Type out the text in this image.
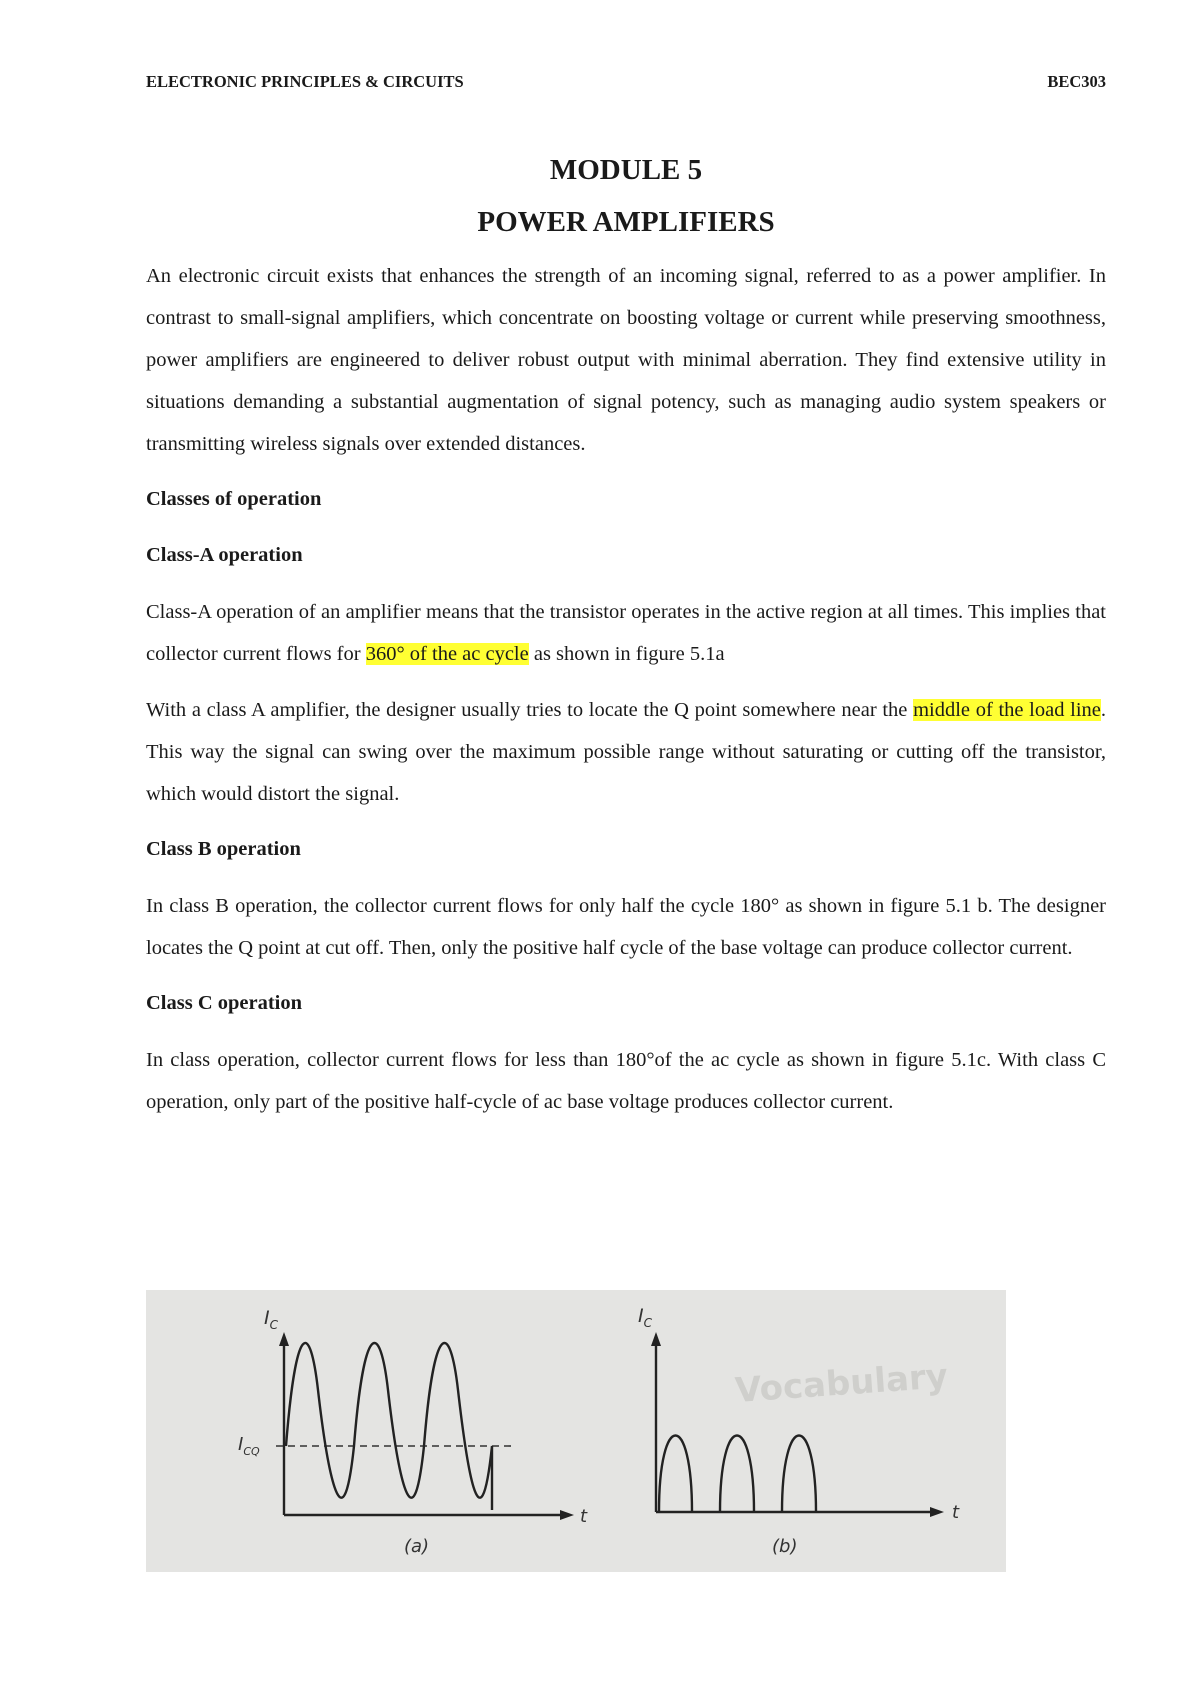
ELECTRONIC PRINCIPLES & CIRCUITS	BEC303
MODULE 5
POWER AMPLIFIERS

An electronic circuit exists that enhances the strength of an incoming signal, referred to as a power amplifier. In contrast to small-signal amplifiers, which concentrate on boosting voltage or current while preserving smoothness, power amplifiers are engineered to deliver robust output with minimal aberration. They find extensive utility in situations demanding a substantial augmentation of signal potency, such as managing audio system speakers or transmitting wireless signals over extended distances.

Classes of operation

Class-A operation

Class-A operation of an amplifier means that the transistor operates in the active region at all times. This implies that collector current flows for 360° of the ac cycle as shown in figure 5.1a

With a class A amplifier, the designer usually tries to locate the Q point somewhere near the middle of the load line. This way the signal can swing over the maximum possible range without saturating or cutting off the transistor, which would distort the signal.

Class B operation

In class B operation, the collector current flows for only half the cycle 180° as shown in figure 5.1 b. The designer locates the Q point at cut off. Then, only the positive half cycle of the base voltage can produce collector current.

Class C operation

In class operation, collector current flows for less than 180°of the ac cycle as shown in figure 5.1c. With class C operation, only part of the positive half-cycle of ac base voltage produces collector current.

Vocabulary
$I_C$
$I_{CQ}$
t
(a)
$I_C$
t
(b)
